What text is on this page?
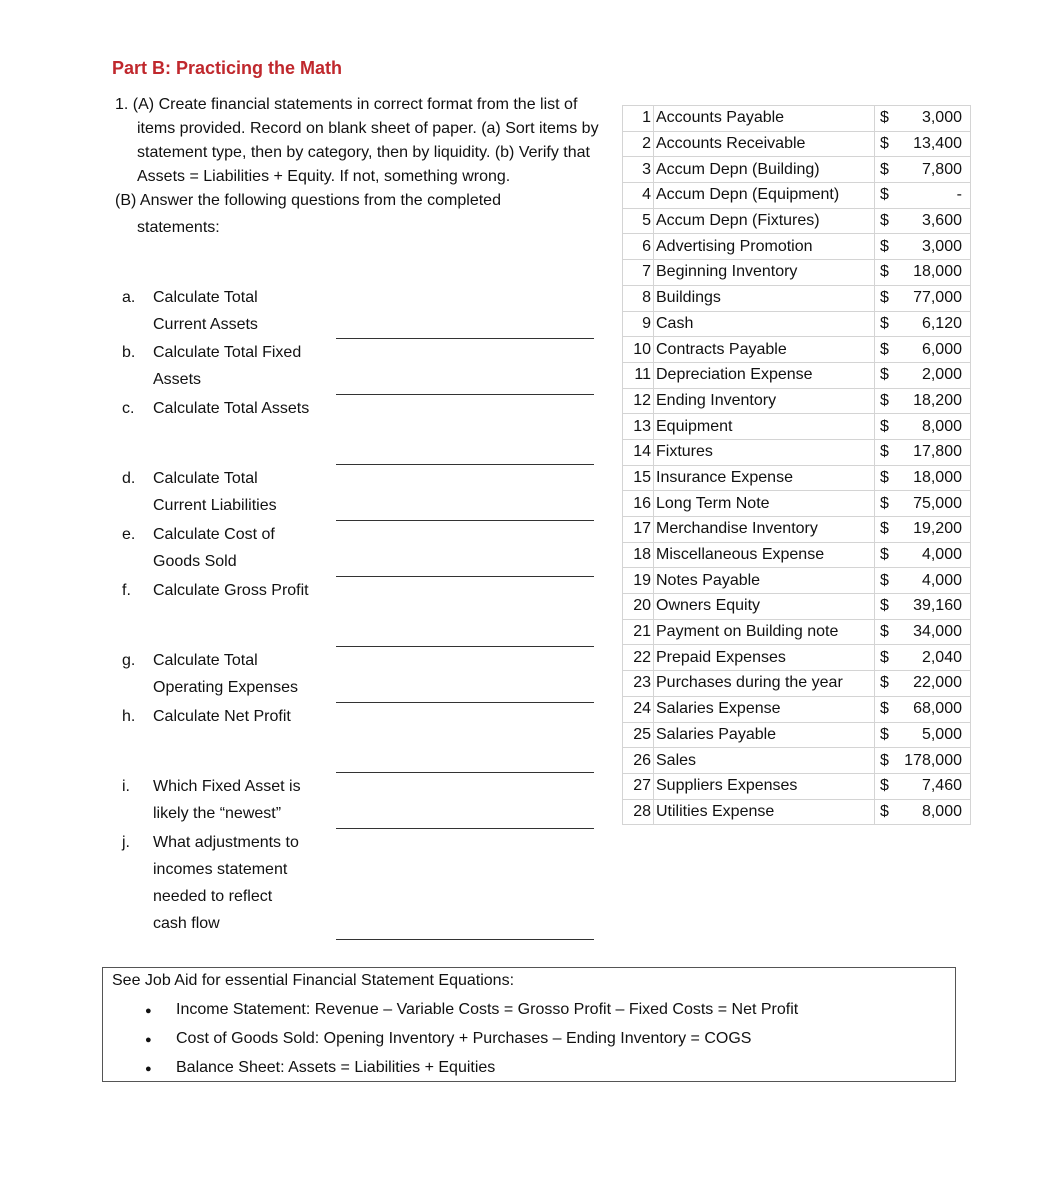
Part B: Practicing the Math

1. (A) Create financial statements in correct format from the list of items provided. Record on blank sheet of paper. (a) Sort items by statement type, then by category, then by liquidity. (b) Verify that Assets = Liabilities + Equity. If not, something wrong.

(B) Answer the following questions from the completed

statements:

a. Calculate Total
Current Assets
b. Calculate Total Fixed
Assets
c. Calculate Total Assets
d. Calculate Total
Current Liabilities
e. Calculate Cost of
Goods Sold
f. Calculate Gross Profit
g. Calculate Total
Operating Expenses
h. Calculate Net Profit
i. Which Fixed Asset is
likely the “newest”
j. What adjustments to
incomes statement
needed to reflect
cash flow
1	Accounts Payable	$	3,000
2	Accounts Receivable	$	13,400
3	Accum Depn (Building)	$	7,800
4	Accum Depn (Equipment)	$	-
5	Accum Depn (Fixtures)	$	3,600
6	Advertising Promotion	$	3,000
7	Beginning Inventory	$	18,000
8	Buildings	$	77,000
9	Cash	$	6,120
10	Contracts Payable	$	6,000
11	Depreciation Expense	$	2,000
12	Ending Inventory	$	18,200
13	Equipment	$	8,000
14	Fixtures	$	17,800
15	Insurance Expense	$	18,000
16	Long Term Note	$	75,000
17	Merchandise Inventory	$	19,200
18	Miscellaneous Expense	$	4,000
19	Notes Payable	$	4,000
20	Owners Equity	$	39,160
21	Payment on Building note	$	34,000
22	Prepaid Expenses	$	2,040
23	Purchases during the year	$	22,000
24	Salaries Expense	$	68,000
25	Salaries Payable	$	5,000
26	Sales	$	178,000
27	Suppliers Expenses	$	7,460
28	Utilities Expense	$	8,000
See Job Aid for essential Financial Statement Equations:
● Income Statement: Revenue – Variable Costs = Grosso Profit – Fixed Costs = Net Profit
● Cost of Goods Sold: Opening Inventory + Purchases – Ending Inventory = COGS
● Balance Sheet: Assets = Liabilities + Equities
